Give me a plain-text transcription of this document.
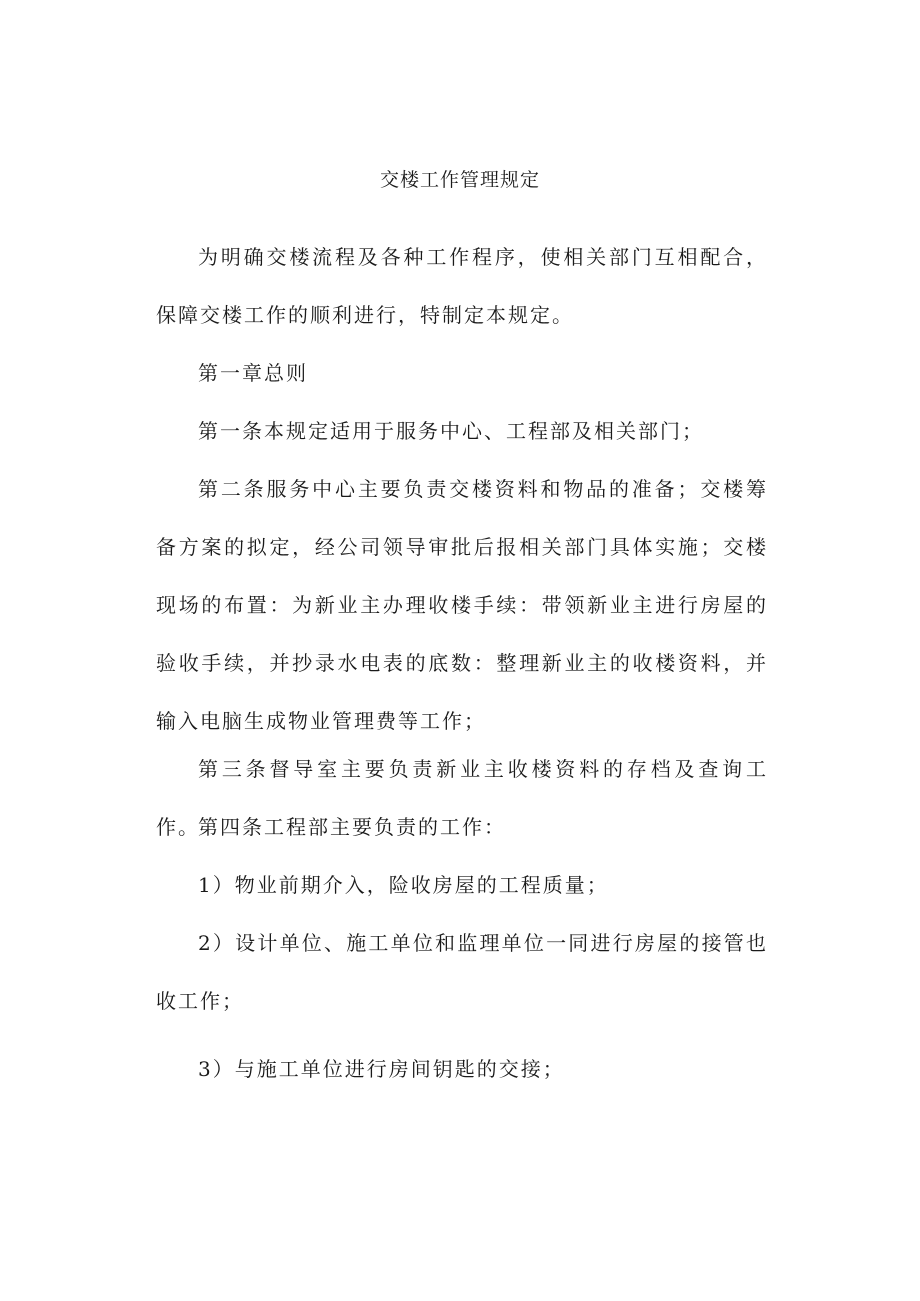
交楼工作管理规定

为明确交楼流程及各种工作程序，使相关部门互相配合，保障交楼工作的顺利进行，特制定本规定。

第一章总则

第一条本规定适用于服务中心、工程部及相关部门；

第二条服务中心主要负责交楼资料和物品的准备；交楼筹备方案的拟定，经公司领导审批后报相关部门具体实施；交楼现场的布置：为新业主办理收楼手续：带领新业主进行房屋的验收手续，并抄录水电表的底数：整理新业主的收楼资料，并输入电脑生成物业管理费等工作；

第三条督导室主要负责新业主收楼资料的存档及查询工作。

第四条工程部主要负责的工作：

1）物业前期介入，险收房屋的工程质量；

2）设计单位、施工单位和监理单位一同进行房屋的接管也收工作；

3）与施工单位进行房间钥匙的交接；
